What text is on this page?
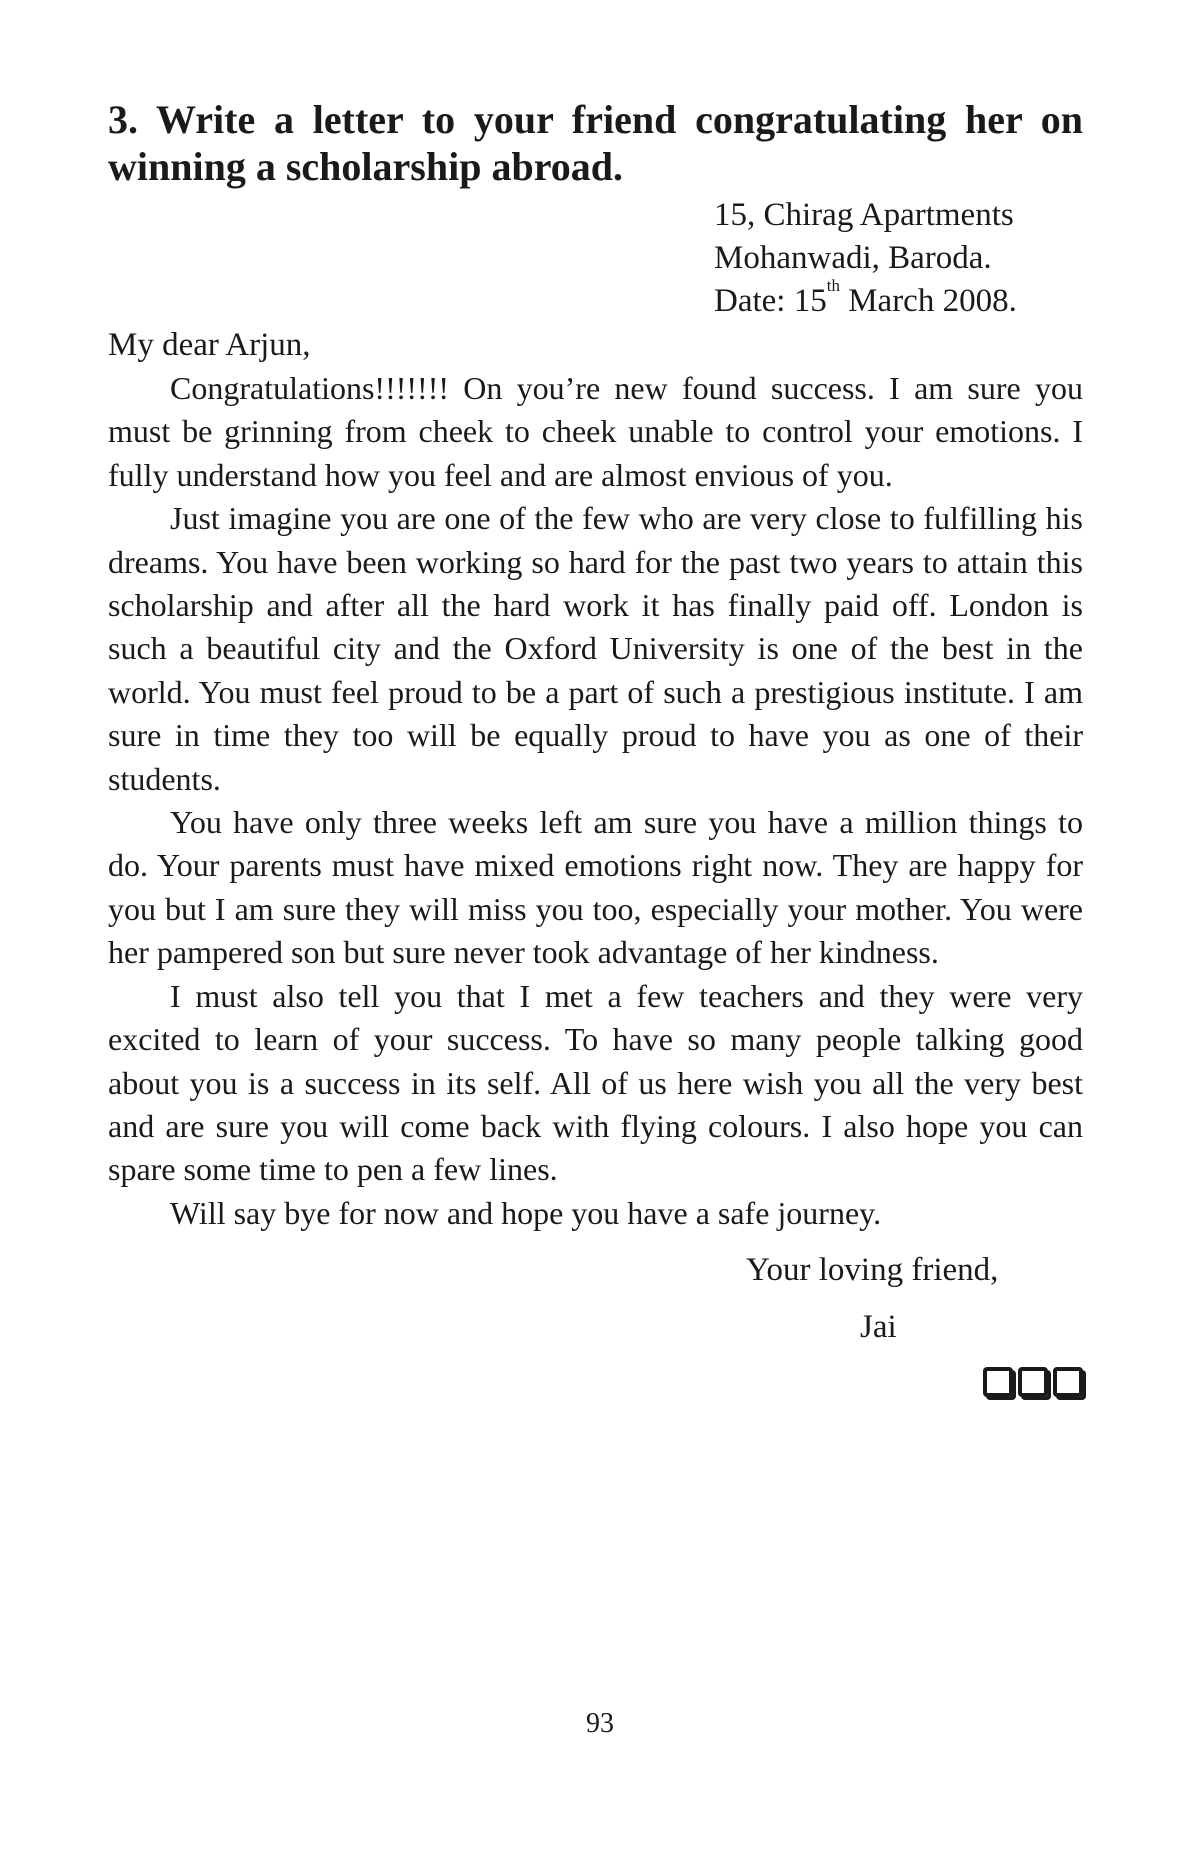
3. Write a letter to your friend congratulating her on
winning a scholarship abroad.
15, Chirag Apartments
Mohanwadi, Baroda.
Date: 15th March 2008.
My dear Arjun,

Congratulations!!!!!!! On you’re new found success. I am sure you must be grinning from cheek to cheek unable to control your emotions. I fully understand how you feel and are almost envious of you.

Just imagine you are one of the few who are very close to fulfilling his dreams. You have been working so hard for the past two years to attain this scholarship and after all the hard work it has finally paid off. London is such a beautiful city and the Oxford University is one of the best in the world. You must feel proud to be a part of such a prestigious institute. I am sure in time they too will be equally proud to have you as one of their students.

You have only three weeks left am sure you have a million things to do. Your parents must have mixed emotions right now. They are happy for you but I am sure they will miss you too, especially your mother. You were her pampered son but sure never took advantage of her kindness.

I must also tell you that I met a few teachers and they were very excited to learn of your success. To have so many people talking good about you is a success in its self. All of us here wish you all the very best and are sure you will come back with flying colours. I also hope you can spare some time to pen a few lines.

Will say bye for now and hope you have a safe journey.

Your loving friend,
Jai
93
